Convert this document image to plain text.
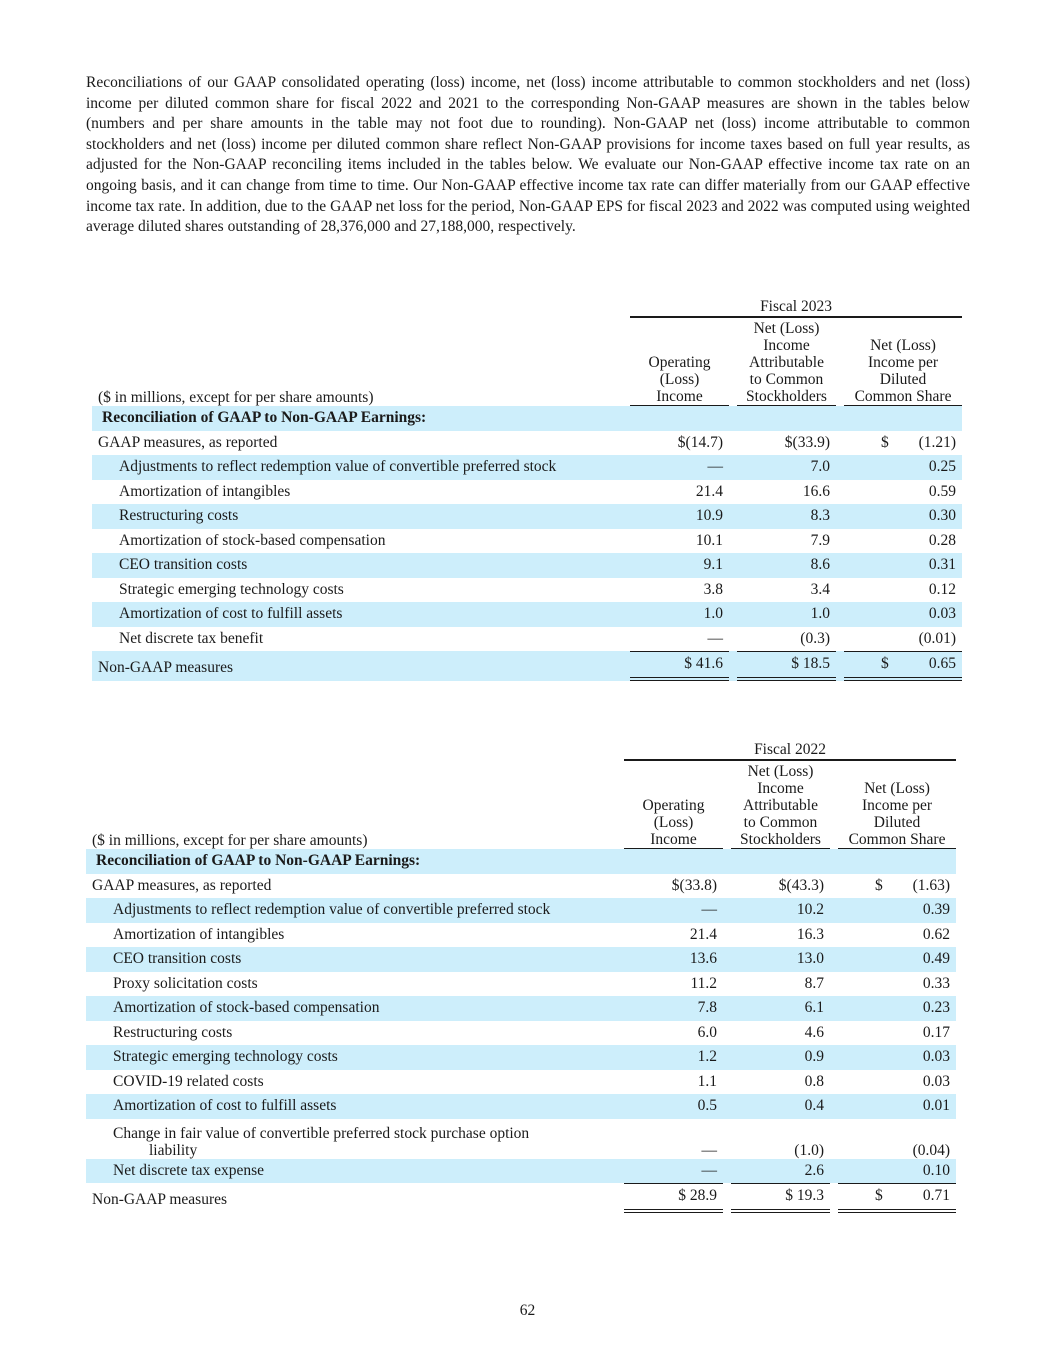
Reconciliations of our GAAP consolidated operating (loss) income, net (loss) income attributable to common stockholders and net (loss) income per diluted common share for fiscal 2022 and 2021 to the corresponding Non-GAAP measures are shown in the tables below (numbers and per share amounts in the table may not foot due to rounding). Non-GAAP net (loss) income attributable to common stockholders and net (loss) income per diluted common share reflect Non-GAAP provisions for income taxes based on full year results, as adjusted for the Non-GAAP reconciling items included in the tables below. We evaluate our Non-GAAP effective income tax rate on an ongoing basis, and it can change from time to time. Our Non-GAAP effective income tax rate can differ materially from our GAAP effective income tax rate. In addition, due to the GAAP net loss for the period, Non-GAAP EPS for fiscal 2023 and 2022 was computed using weighted average diluted shares outstanding of 28,376,000 and 27,188,000, respectively.

	Fiscal 2023				
($ in millions, except for per share amounts)	Operating
(Loss)
Income		Net (Loss)
Income
Attributable
to Common
Stockholders		Net (Loss)
Income per
Diluted
Common Share
Reconciliation of GAAP to Non-GAAP Earnings:					
GAAP measures, as reported	$(14.7)		$(33.9)		$ (1.21)
Adjustments to reflect redemption value of convertible preferred stock	—		7.0		0.25
Amortization of intangibles	21.4		16.6		0.59
Restructuring costs	10.9		8.3		0.30
Amortization of stock-based compensation	10.1		7.9		0.28
CEO transition costs	9.1		8.6		0.31
Strategic emerging technology costs	3.8		3.4		0.12
Amortization of cost to fulfill assets	1.0		1.0		0.03
Net discrete tax benefit	—		(0.3)		(0.01)
Non-GAAP measures	$ 41.6		$ 18.5		$ 0.65
	Fiscal 2022				
($ in millions, except for per share amounts)	Operating
(Loss)
Income		Net (Loss)
Income
Attributable
to Common
Stockholders		Net (Loss)
Income per
Diluted
Common Share
Reconciliation of GAAP to Non-GAAP Earnings:					
GAAP measures, as reported	$(33.8)		$(43.3)		$ (1.63)
Adjustments to reflect redemption value of convertible preferred stock	—		10.2		0.39
Amortization of intangibles	21.4		16.3		0.62
CEO transition costs	13.6		13.0		0.49
Proxy solicitation costs	11.2		8.7		0.33
Amortization of stock-based compensation	7.8		6.1		0.23
Restructuring costs	6.0		4.6		0.17
Strategic emerging technology costs	1.2		0.9		0.03
COVID-19 related costs	1.1		0.8		0.03
Amortization of cost to fulfill assets	0.5		0.4		0.01
Change in fair value of convertible preferred stock purchase option
liability	—		(1.0)		(0.04)
Net discrete tax expense	—		2.6		0.10
Non-GAAP measures	$ 28.9		$ 19.3		$ 0.71
62
